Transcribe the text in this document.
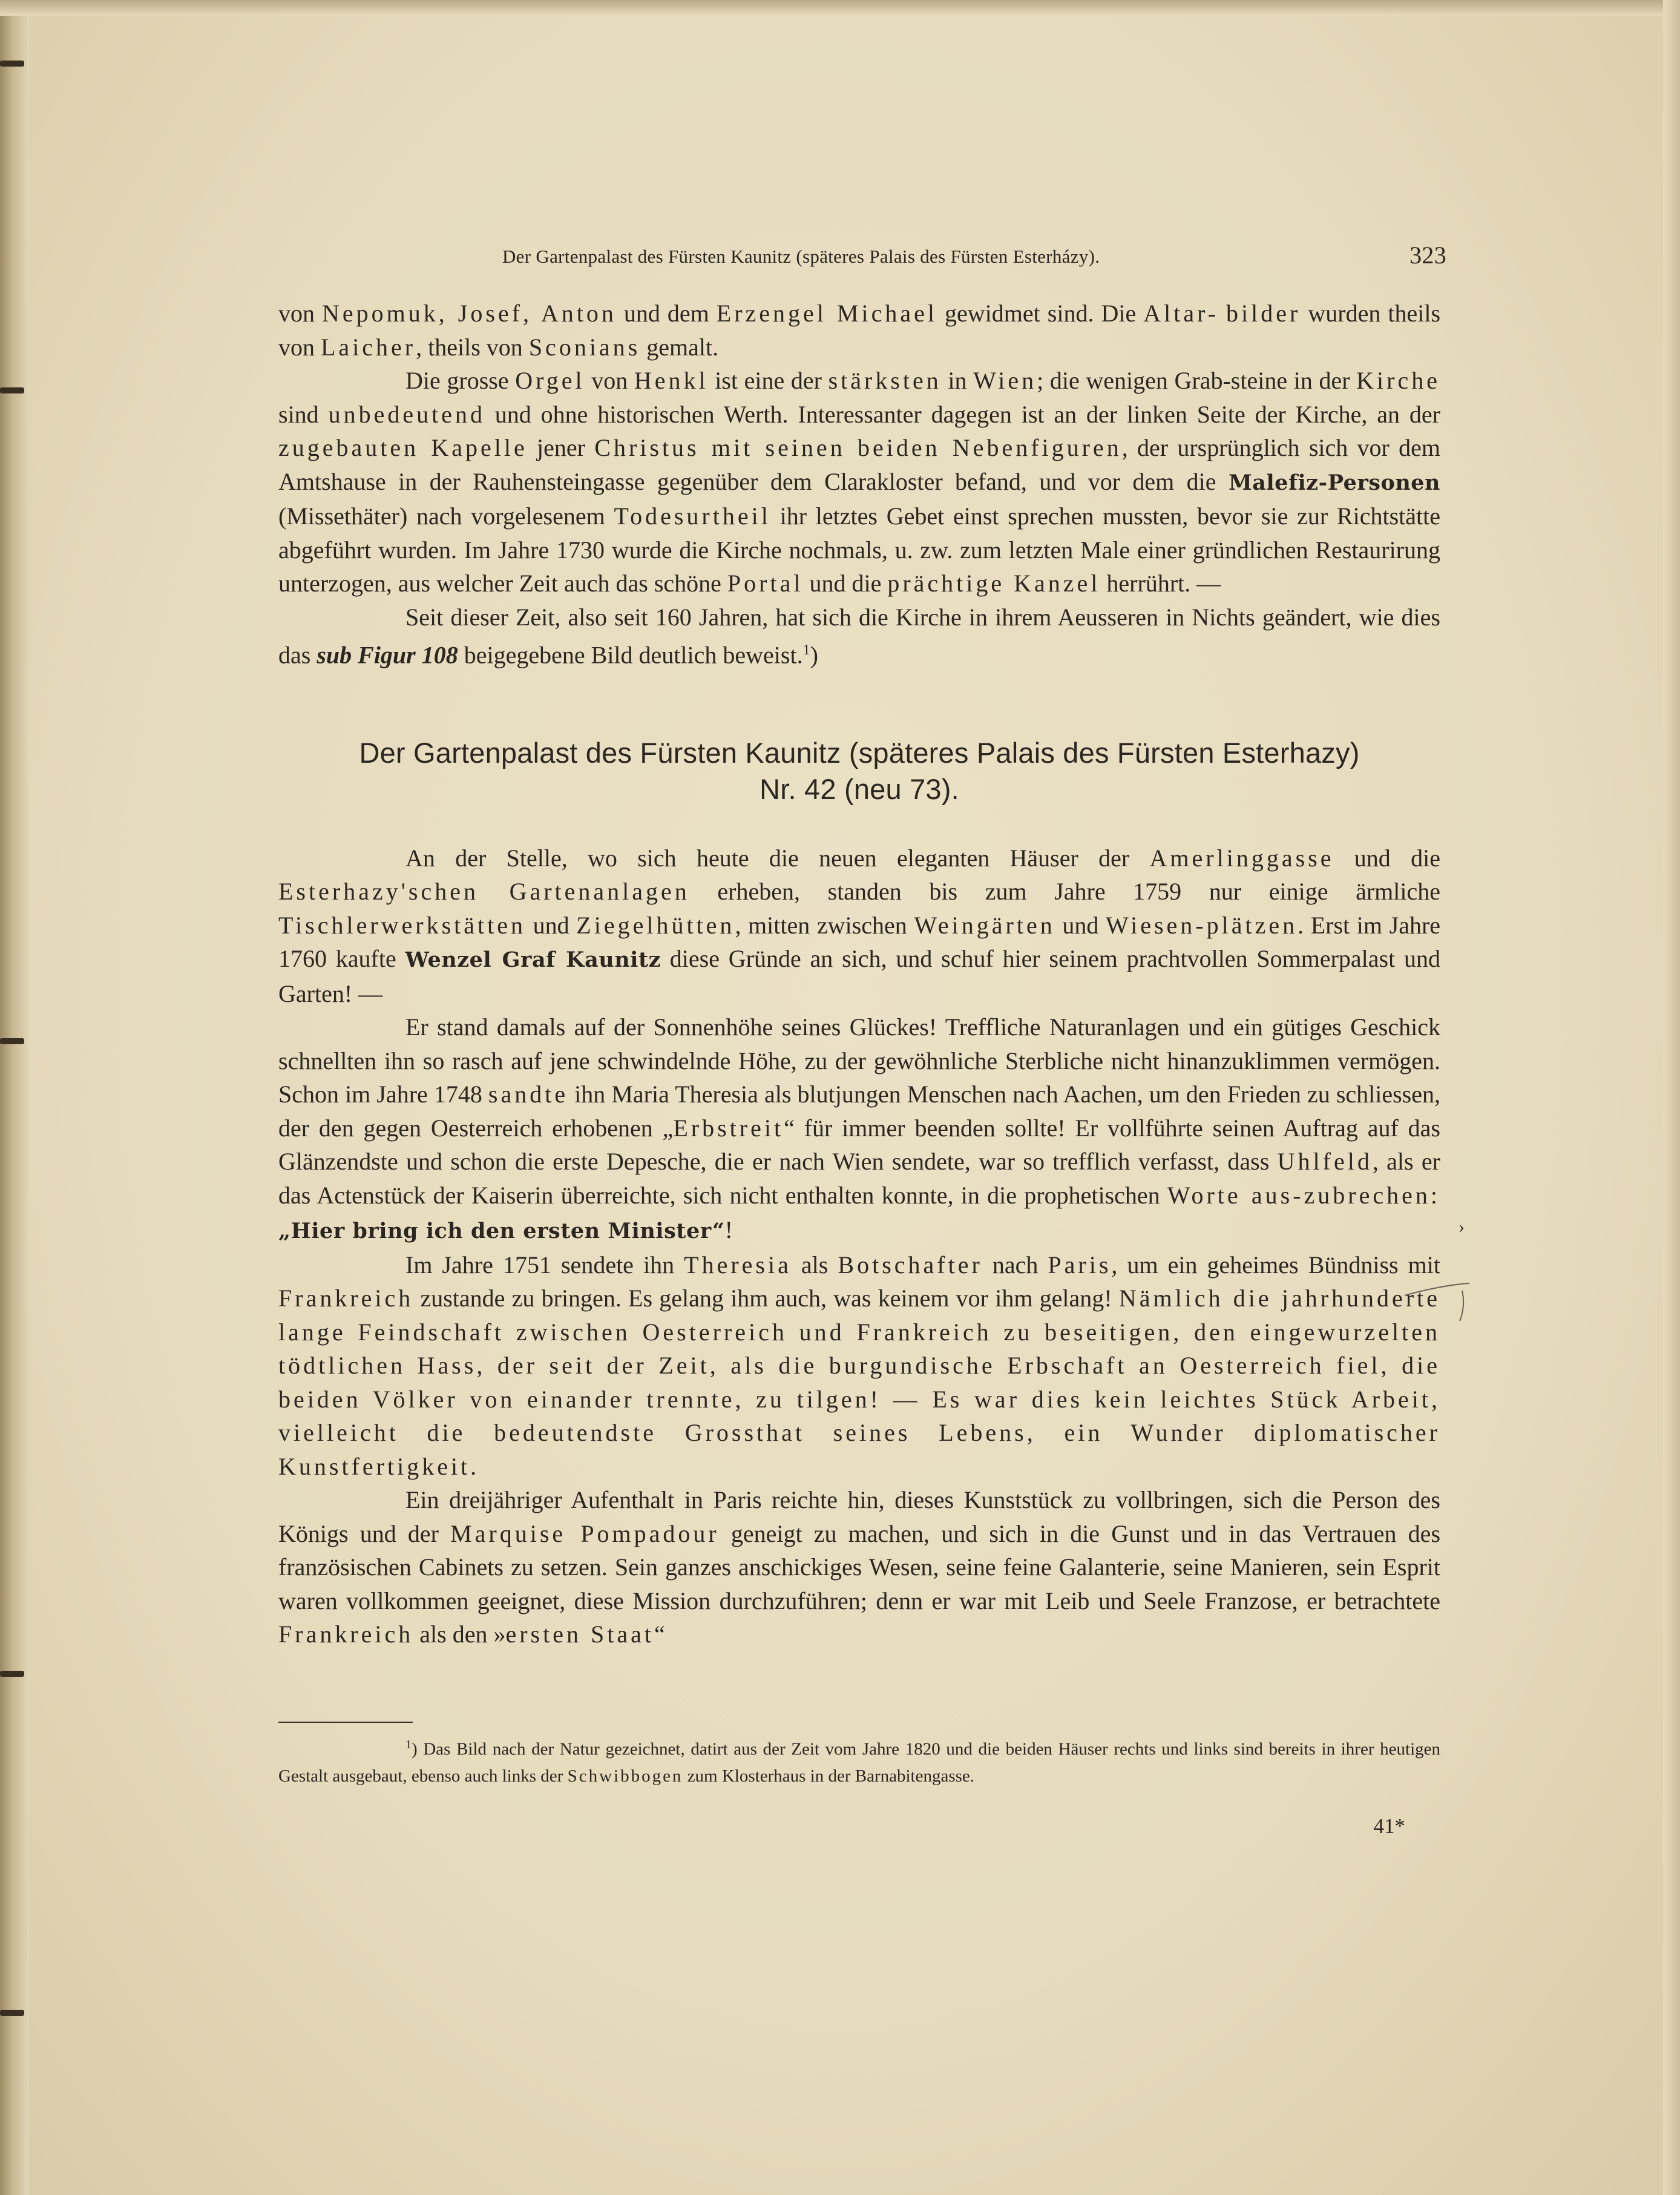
Der Gartenpalast des Fürsten Kaunitz (späteres Palais des Fürsten Esterházy).	323

von Nepomuk, Josef, Anton und dem Erzengel Michael gewidmet sind. Die Altar- bilder wurden theils von Laicher, theils von Sconians gemalt.

Die grosse Orgel von Henkl ist eine der stärksten in Wien; die wenigen Grab-steine in der Kirche sind unbedeutend und ohne historischen Werth. Interessanter dagegen ist an der linken Seite der Kirche, an der zugebauten Kapelle jener Christus mit seinen beiden Nebenfiguren, der ursprünglich sich vor dem Amtshause in der Rauhensteingasse gegenüber dem Clarakloster befand, und vor dem die Malefiz-Personen (Missethäter) nach vorgelesenem Todesurtheil ihr letztes Gebet einst sprechen mussten, bevor sie zur Richtstätte abgeführt wurden. Im Jahre 1730 wurde die Kirche nochmals, u. zw. zum letzten Male einer gründlichen Restaurirung unterzogen, aus welcher Zeit auch das schöne Portal und die prächtige Kanzel herrührt. —

Seit dieser Zeit, also seit 160 Jahren, hat sich die Kirche in ihrem Aeusseren in Nichts geändert, wie dies das sub Figur 108 beigegebene Bild deutlich beweist.$^1$)

Der Gartenpalast des Fürsten Kaunitz (späteres Palais des Fürsten Esterhazy)
Nr. 42 (neu 73).

An der Stelle, wo sich heute die neuen eleganten Häuser der Amerlinggasse und die Esterhazy'schen Gartenanlagen erheben, standen bis zum Jahre 1759 nur einige ärmliche Tischlerwerkstätten und Ziegelhütten, mitten zwischen Weingärten und Wiesen-plätzen. Erst im Jahre 1760 kaufte Wenzel Graf Kaunitz diese Gründe an sich, und schuf hier seinem prachtvollen Sommerpalast und Garten! —

Er stand damals auf der Sonnenhöhe seines Glückes! Treffliche Naturanlagen und ein gütiges Geschick schnellten ihn so rasch auf jene schwindelnde Höhe, zu der gewöhnliche Sterbliche nicht hinanzuklimmen vermögen. Schon im Jahre 1748 sandte ihn Maria Theresia als blutjungen Menschen nach Aachen, um den Frieden zu schliessen, der den gegen Oesterreich erhobenen „Erbstreit“ für immer beenden sollte! Er vollführte seinen Auftrag auf das Glänzendste und schon die erste Depesche, die er nach Wien sendete, war so trefflich verfasst, dass Uhlfeld, als er das Actenstück der Kaiserin überreichte, sich nicht enthalten konnte, in die prophetischen Worte aus-zubrechen: „Hier bring ich den ersten Minister“!

Im Jahre 1751 sendete ihn Theresia als Botschafter nach Paris, um ein geheimes Bündniss mit Frankreich zustande zu bringen. Es gelang ihm auch, was keinem vor ihm gelang! Nämlich die jahrhunderte lange Feindschaft zwischen Oesterreich und Frankreich zu beseitigen, den eingewurzelten tödtlichen Hass, der seit der Zeit, als die burgundische Erbschaft an Oesterreich fiel, die beiden Völker von einander trennte, zu tilgen! — Es war dies kein leichtes Stück Arbeit, vielleicht die bedeutendste Grossthat seines Lebens, ein Wunder diplomatischer Kunstfertigkeit.

Ein dreijähriger Aufenthalt in Paris reichte hin, dieses Kunststück zu vollbringen, sich die Person des Königs und der Marquise Pompadour geneigt zu machen, und sich in die Gunst und in das Vertrauen des französischen Cabinets zu setzen. Sein ganzes anschickiges Wesen, seine feine Galanterie, seine Manieren, sein Esprit waren vollkommen geeignet, diese Mission durchzuführen; denn er war mit Leib und Seele Franzose, er betrachtete Frankreich als den »ersten Staat“

$^1$) Das Bild nach der Natur gezeichnet, datirt aus der Zeit vom Jahre 1820 und die beiden Häuser rechts und links sind bereits in ihrer heutigen Gestalt ausgebaut, ebenso auch links der Schwibbogen zum Klosterhaus in der Barnabitengasse.
41*
›
